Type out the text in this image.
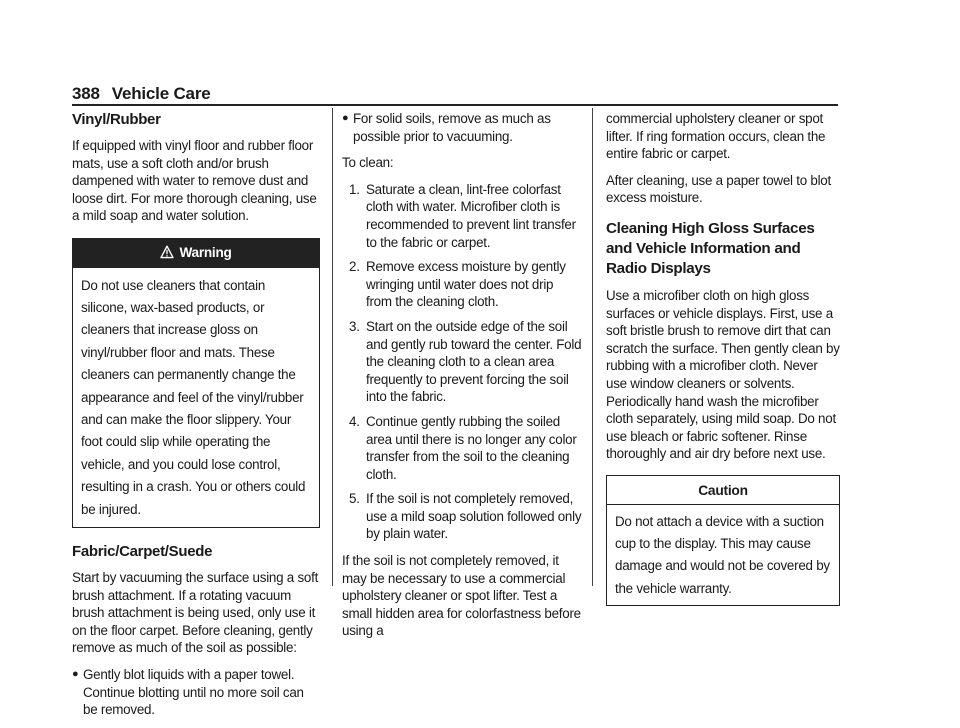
388 Vehicle Care
Vinyl/Rubber

If equipped with vinyl floor and rubber floor mats, use a soft cloth and/or brush dampened with water to remove dust and loose dirt. For more thorough cleaning, use a mild soap and water solution.

Warning
Do not use cleaners that contain silicone, wax-based products, or cleaners that increase gloss on vinyl/rubber floor and mats. These cleaners can permanently change the appearance and feel of the vinyl/rubber and can make the floor slippery. Your foot could slip while operating the vehicle, and you could lose control, resulting in a crash. You or others could be injured.
Fabric/Carpet/Suede

Start by vacuuming the surface using a soft brush attachment. If a rotating vacuum brush attachment is being used, only use it on the floor carpet. Before cleaning, gently remove as much of the soil as possible:

● Gently blot liquids with a paper towel. Continue blotting until no more soil can be removed.
● For solid soils, remove as much as possible prior to vacuuming.

To clean:

1. Saturate a clean, lint-free colorfast cloth with water. Microfiber cloth is recommended to prevent lint transfer to the fabric or carpet.
2. Remove excess moisture by gently wringing until water does not drip from the cleaning cloth.
3. Start on the outside edge of the soil and gently rub toward the center. Fold the cleaning cloth to a clean area frequently to prevent forcing the soil into the fabric.
4. Continue gently rubbing the soiled area until there is no longer any color transfer from the soil to the cleaning cloth.
5. If the soil is not completely removed, use a mild soap solution followed only by plain water.

If the soil is not completely removed, it may be necessary to use a commercial upholstery cleaner or spot lifter. Test a small hidden area for colorfastness before using a

commercial upholstery cleaner or spot lifter. If ring formation occurs, clean the entire fabric or carpet.

After cleaning, use a paper towel to blot excess moisture.

Cleaning High Gloss Surfaces and Vehicle Information and Radio Displays

Use a microfiber cloth on high gloss surfaces or vehicle displays. First, use a soft bristle brush to remove dirt that can scratch the surface. Then gently clean by rubbing with a microfiber cloth. Never use window cleaners or solvents. Periodically hand wash the microfiber cloth separately, using mild soap. Do not use bleach or fabric softener. Rinse thoroughly and air dry before next use.

Caution
Do not attach a device with a suction cup to the display. This may cause damage and would not be covered by the vehicle warranty.
